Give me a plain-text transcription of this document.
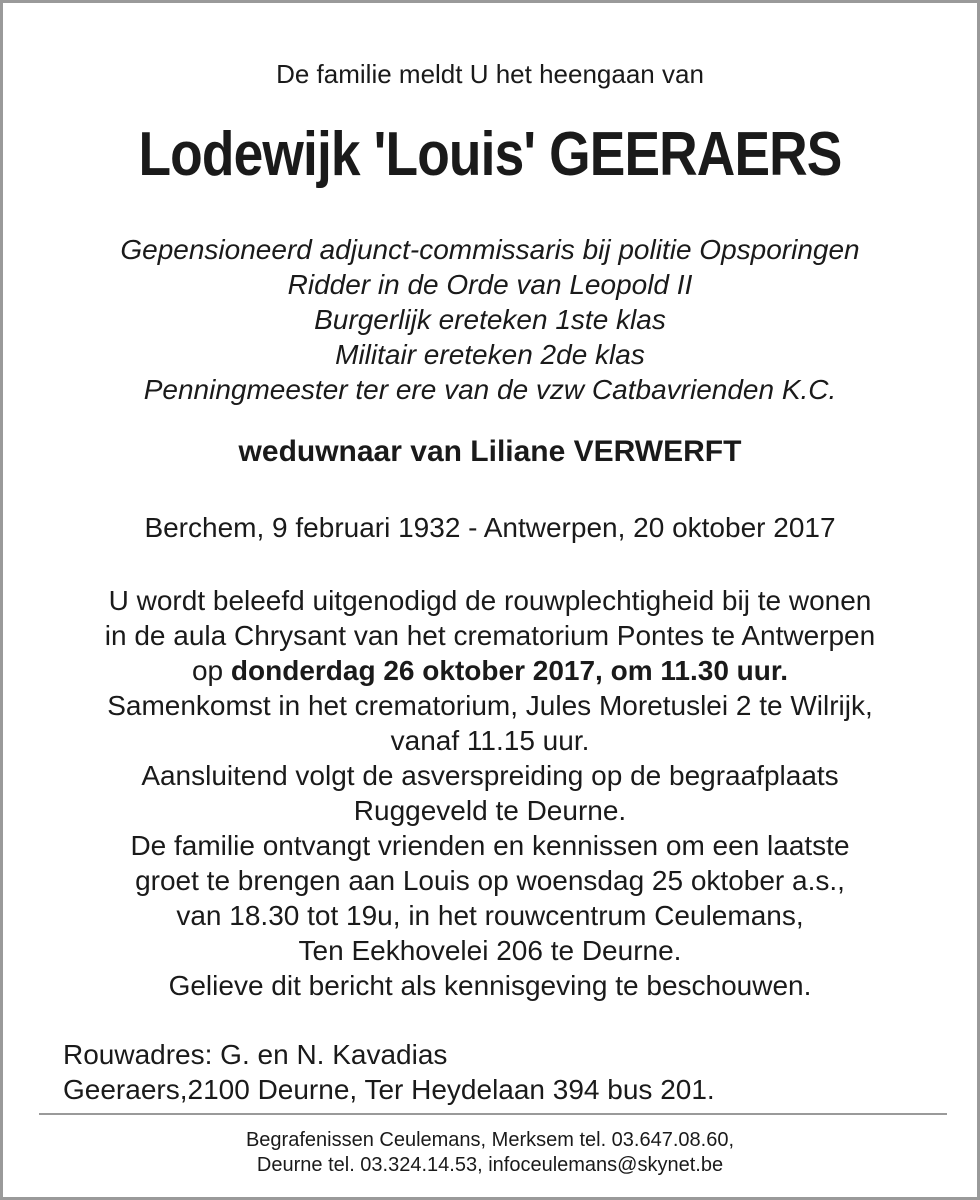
De familie meldt U het heengaan van

Lodewijk 'Louis' GEERAERS
Gepensioneerd adjunct-commissaris bij politie Opsporingen
Ridder in de Orde van Leopold II
Burgerlijk ereteken 1ste klas
Militair ereteken 2de klas
Penningmeester ter ere van de vzw Catbavrienden K.C.

weduwnaar van Liliane VERWERFT

Berchem, 9 februari 1932 - Antwerpen, 20 oktober 2017

U wordt beleefd uitgenodigd de rouwplechtigheid bij te wonen
in de aula Chrysant van het crematorium Pontes te Antwerpen
op donderdag 26 oktober 2017, om 11.30 uur.
Samenkomst in het crematorium, Jules Moretuslei 2 te Wilrijk,
vanaf 11.15 uur.
Aansluitend volgt de asverspreiding op de begraafplaats
Ruggeveld te Deurne.
De familie ontvangt vrienden en kennissen om een laatste
groet te brengen aan Louis op woensdag 25 oktober a.s.,
van 18.30 tot 19u, in het rouwcentrum Ceulemans,
Ten Eekhovelei 206 te Deurne.
Gelieve dit bericht als kennisgeving te beschouwen.
Rouwadres: G. en N. Kavadias
Geeraers,2100 Deurne, Ter Heydelaan 394 bus 201.
Begrafenissen Ceulemans, Merksem tel. 03.647.08.60,
Deurne tel. 03.324.14.53, infoceulemans@skynet.be
